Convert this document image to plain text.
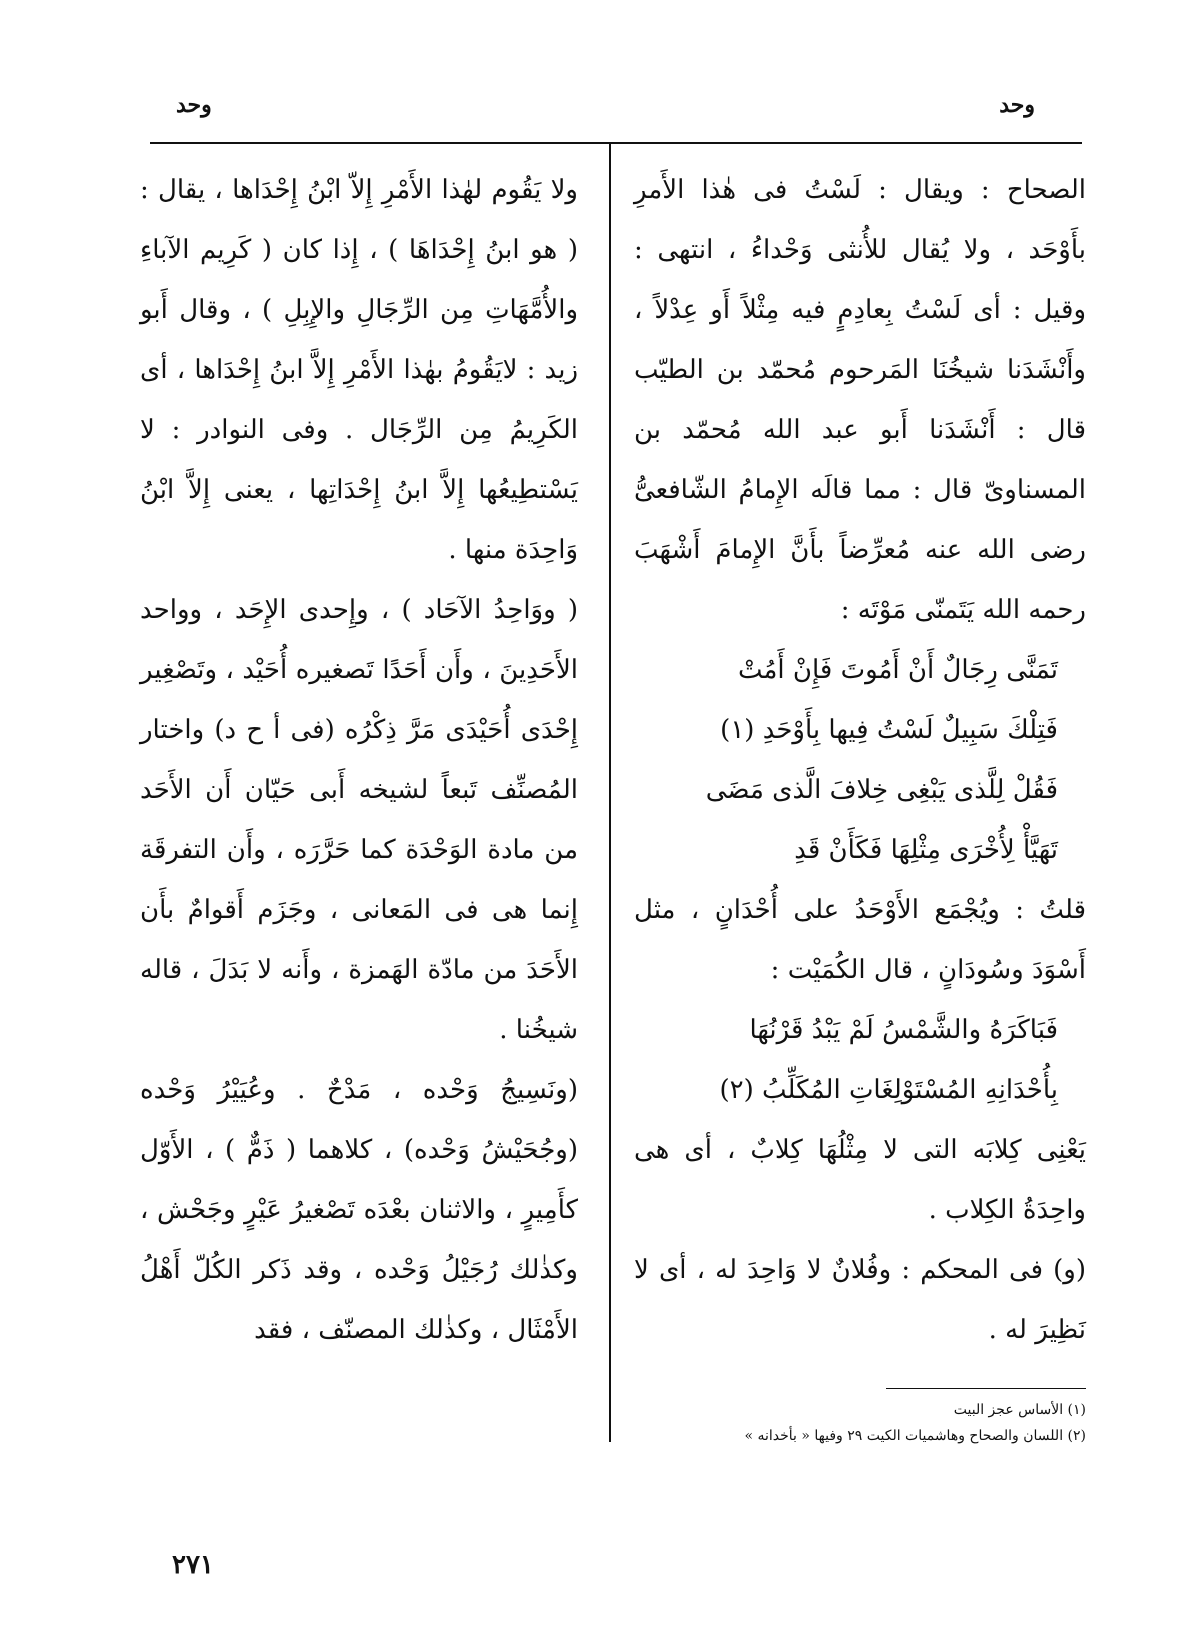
وحد
وحد

الصحاح : ويقال : لَسْتُ فى هٰذا الأَمرِ بأَوْحَد ، ولا يُقال للأُنثى وَحْداءُ ، انتهى : وقيل : أى لَسْتُ بِعادِمٍ فيه مِثْلاً أَو عِدْلاً ، وأَنْشَدَنا شيخُنَا المَرحوم مُحمّد بن الطيّب قال : أَنْشَدَنا أَبو عبد الله مُحمّد بن المسناوىّ قال : مما قالَه الإِمامُ الشّافعىُّ رضى الله عنه مُعرِّضاً بأَنَّ الإِمامَ أَشْهَبَ رحمه الله يَتَمنّى مَوْتَه :

تَمَنَّى رِجَالٌ أَنْ أَمُوتَ فَإِنْ أَمُتْ

فَتِلْكَ سَبِيلٌ لَسْتُ فِيها بِأَوْحَدِ (١)

فَقُلْ لِلَّذى يَبْغِى خِلافَ الَّذى مَضَى

تَهَيَّأْ لِأُخْرَى مِثْلِهَا فَكَأَنْ قَدِ

قلتُ : ويُجْمَع الأَوْحَدُ على أُحْدَانٍ ، مثل أَسْوَدَ وسُودَانٍ ، قال الكُمَيْت :

فَبَاكَرَهُ والشَّمْسُ لَمْ يَبْدُ قَرْنُهَا

بِأُحْدَانِهِ المُسْتَوْلِغَاتِ المُكَلِّبُ (٢)

يَعْنِى كِلابَه التى لا مِثْلُهَا كِلابٌ ، أى هى واحِدَةُ الكِلاب .

(و) فى المحكم : وفُلانٌ لا وَاحِدَ له ، أى لا نَظِيرَ له .

ولا يَقُوم لهٰذا الأَمْرِ إِلاّ ابْنُ إِحْدَاها ، يقال : ( هو ابنُ إِحْدَاهَا ) ، إِذا كان ( كَرِيم الآباءِ والأُمَّهَاتِ مِن الرِّجَالِ والإِبِلِ ) ، وقال أَبو زيد : لايَقُومُ بهٰذا الأَمْرِ إِلاَّ ابنُ إِحْدَاها ، أى الكَرِيمُ مِن الرِّجَال . وفى النوادر : لا يَسْتطِيعُها إِلاَّ ابنُ إِحْدَاتِها ، يعنى إِلاَّ ابْنُ وَاحِدَة منها .

( ووَاحِدُ الآحَاد ) ، وإِحدى الإِحَد ، وواحد الأَحَدِينَ ، وأَن أَحَدًا تَصغيره أُحَيْد ، وتَصْغِير إِحْدَى أُحَيْدَى مَرَّ ذِكْرُه (فى أ ح د) واختار المُصنِّف تَبعاً لشيخه أَبى حَيّان أَن الأَحَد من مادة الوَحْدَة كما حَرَّرَه ، وأَن التفرقَة إِنما هى فى المَعانى ، وجَزَم أَقوامٌ بأَن الأَحَدَ من مادّة الهَمزة ، وأَنه لا بَدَلَ ، قاله شيخُنا .

(ونَسِيجُ وَحْده ، مَدْحٌ . وعُيَيْرُ وَحْده (وجُحَيْشُ وَحْده) ، كلاهما ( ذَمٌّ ) ، الأَوّل كأَمِيرٍ ، والاثنان بعْدَه تَصْغيرُ عَيْرٍ وجَحْش ، وكذٰلك رُجَيْلُ وَحْده ، وقد ذَكر الكُلّ أَهْلُ الأَمْثَال ، وكذٰلك المصنّف ، فقد

(١) الأساس عجز البيت

(٢) اللسان والصحاح وهاشميات الكيت ٢٩ وفيها « بأخدانه »

٢٧١
